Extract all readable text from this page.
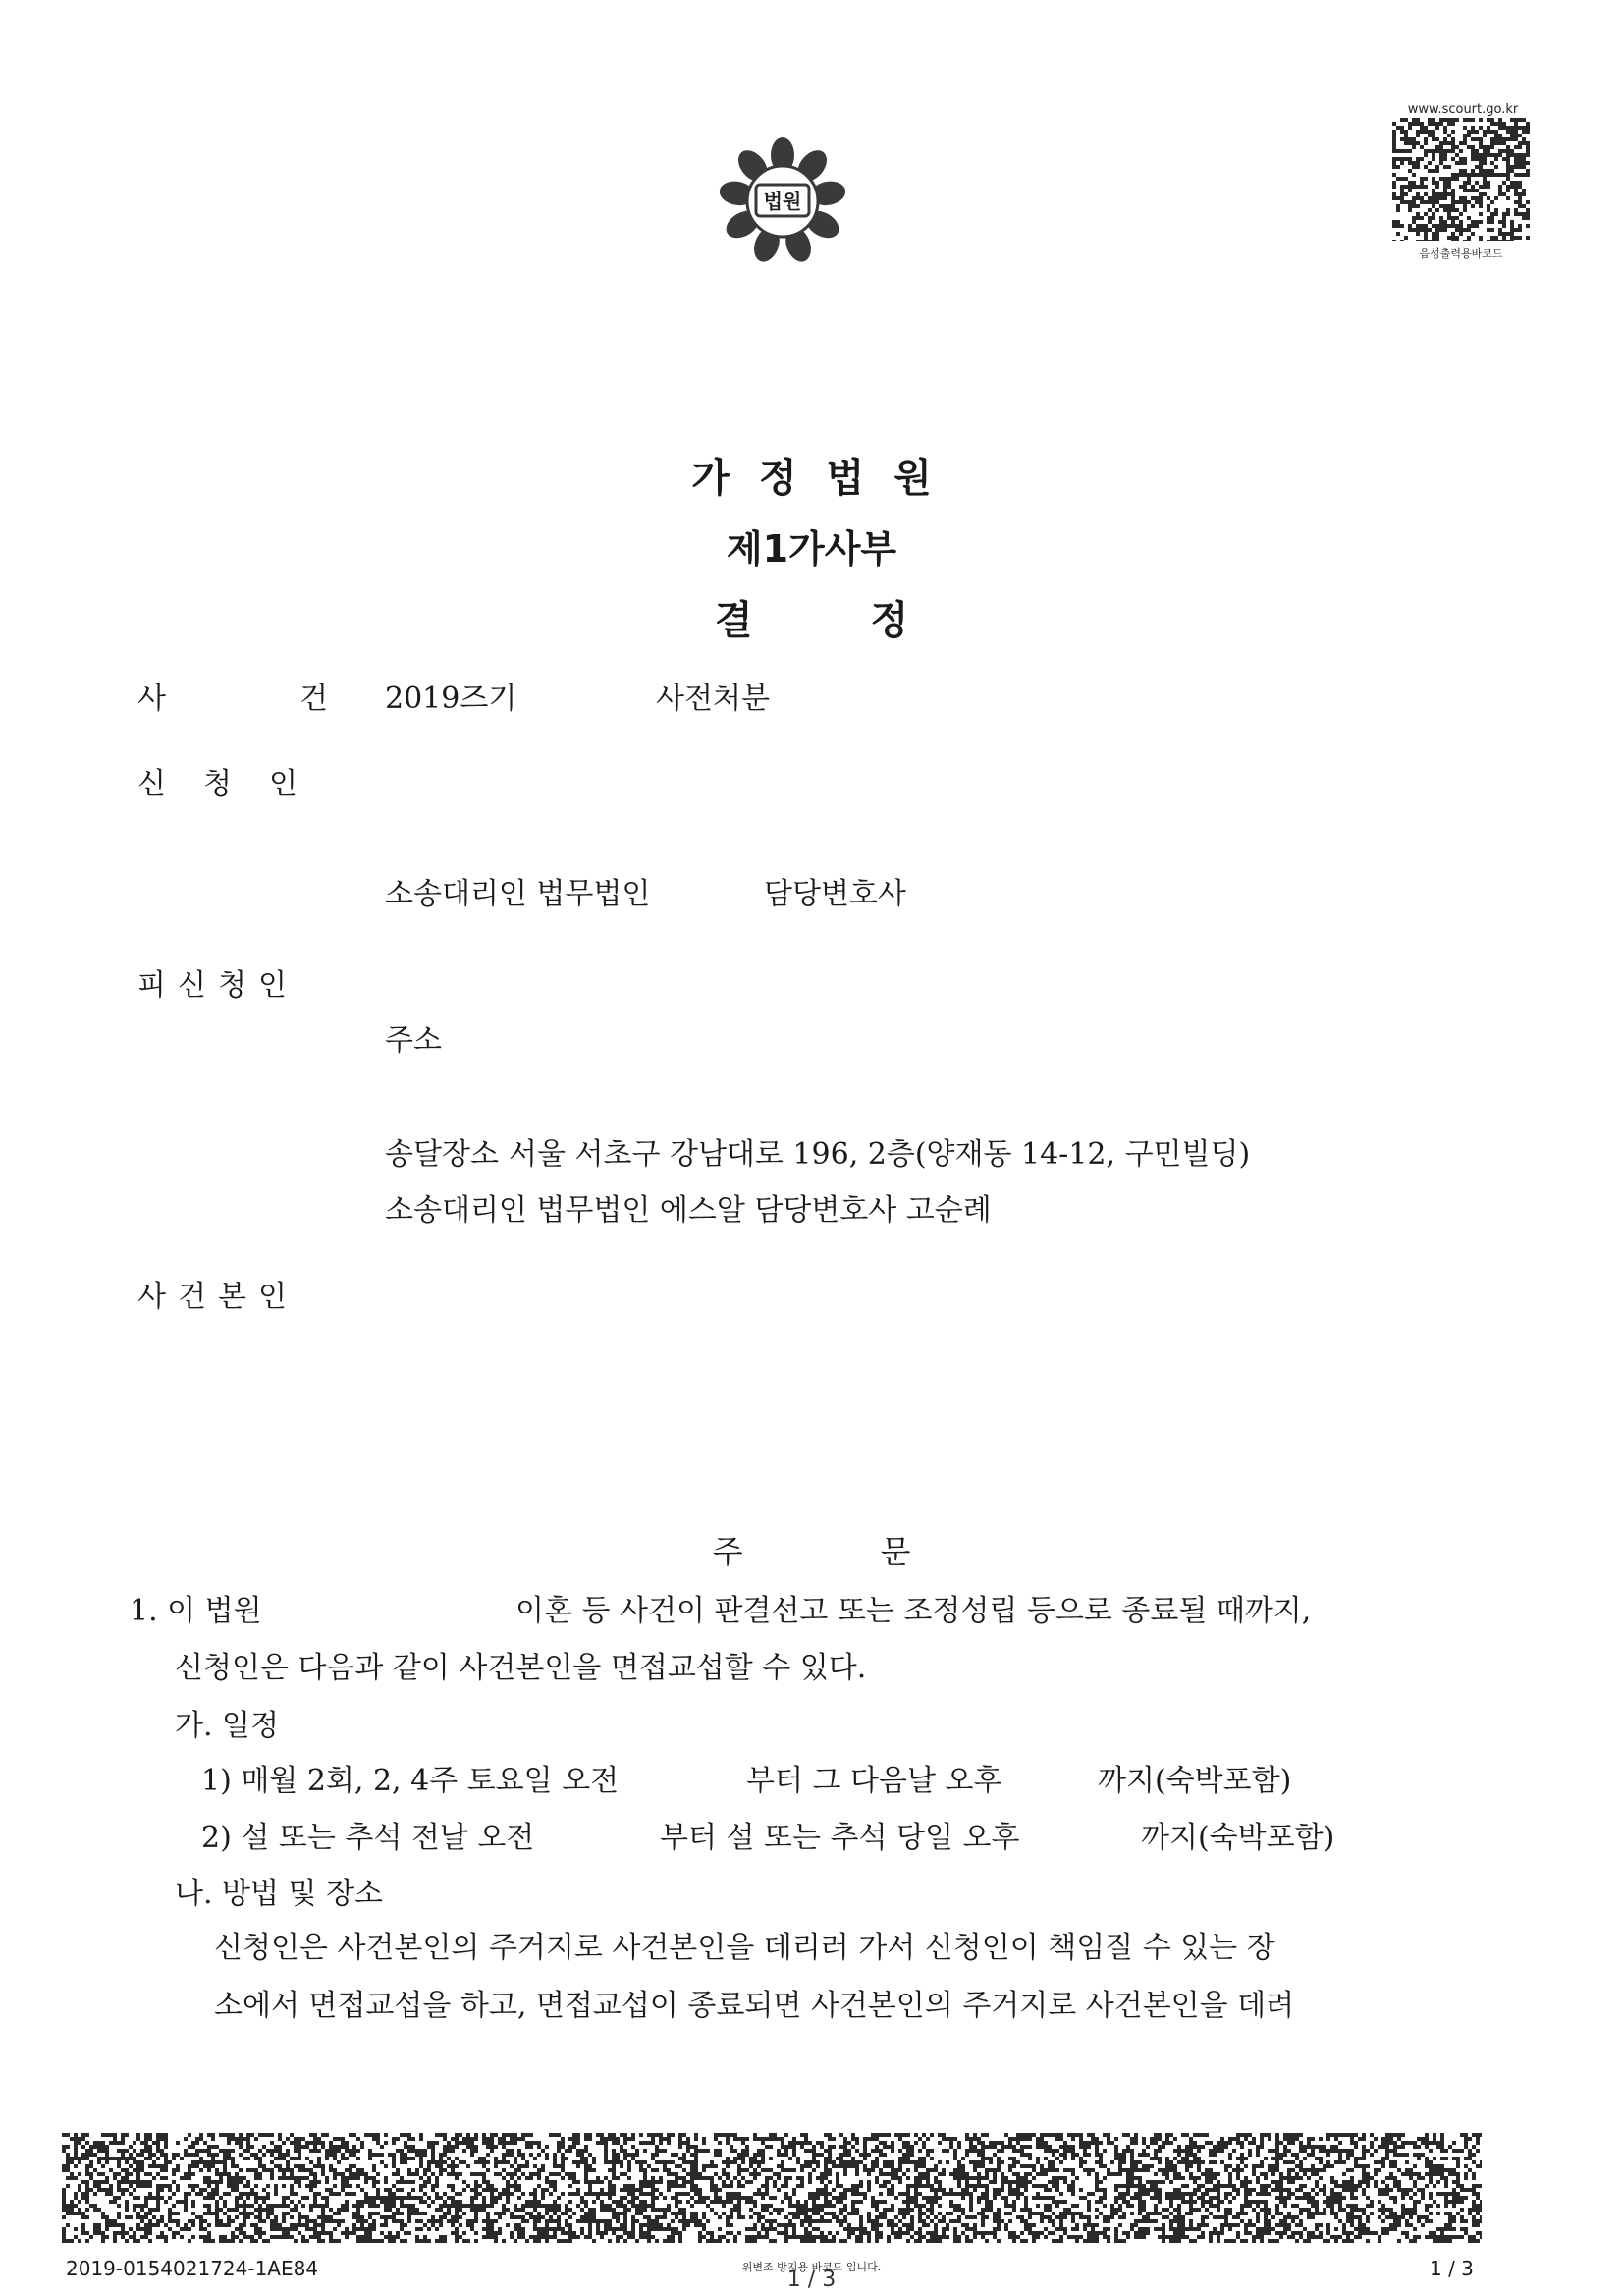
법원
www.scourt.go.kr
음성출력용바코드
가정법원
제1가사부
결	정
사	건 2019즈기	사전처분
신 청 인
소송대리인 법무법인	담당변호사
피 신 청 인
주소
송달장소 서울 서초구 강남대로 196, 2층(양재동 14-12, 구민빌딩)
소송대리인 법무법인 에스알 담당변호사 고순례
사 건 본 인
주	문
1. 이 법원	이혼 등 사건이 판결선고 또는 조정성립 등으로 종료될 때까지,
신청인은 다음과 같이 사건본인을 면접교섭할 수 있다.
가. 일정
1) 매월 2회, 2, 4주 토요일 오전	부터 그 다음날 오후	까지(숙박포함)
2) 설 또는 추석 전날 오전	부터 설 또는 추석 당일 오후	까지(숙박포함)
나. 방법 및 장소
신청인은 사건본인의 주거지로 사건본인을 데리러 가서 신청인이 책임질 수 있는 장
소에서 면접교섭을 하고, 면접교섭이 종료되면 사건본인의 주거지로 사건본인을 데려
2019-0154021724-1AE84	위변조 방지용 바코드 입니다.
1 / 3	1 / 3
